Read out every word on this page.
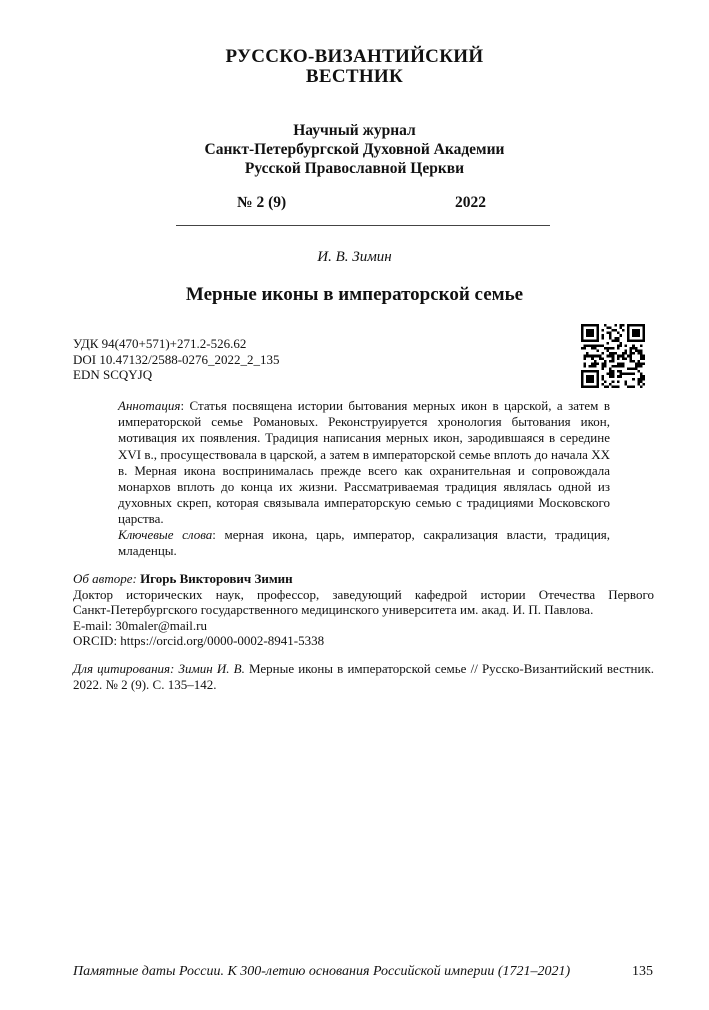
РУССКО-ВИЗАНТИЙСКИЙ
ВЕСТНИК
Научный журнал
Санкт-Петербургской Духовной Академии
Русской Православной Церкви
№ 2 (9)	2022
И. В. Зимин
Мерные иконы в императорской семье
УДК 94(470+571)+271.2-526.62
DOI 10.47132/2588-0276_2022_2_135
EDN SCQYJQ

Аннотация: Статья посвящена истории бытования мерных икон в царской, а затем в императорской семье Романовых. Реконструируется хронология бытования икон, мотивация их появления. Традиция написания мерных икон, зародившаяся в середине XVI в., просуществовала в царской, а затем в императорской семье вплоть до начала XX в. Мерная икона воспринималась прежде всего как охранительная и сопровождала монархов вплоть до конца их жизни. Рассматриваемая традиция являлась одной из духовных скреп, которая связывала императорскую семью с традициями Московского царства.

Ключевые слова: мерная икона, царь, император, сакрализация власти, традиция, младенцы.

Об авторе: Игорь Викторович Зимин
Доктор исторических наук, профессор, заведующий кафедрой истории Отечества Первого
Санкт-Петербургского государственного медицинского университета им. акад. И. П. Павлова.
E-mail: 30maler@mail.ru
ORCID: https://orcid.org/0000-0002-8941-5338

Для цитирования: Зимин И. В. Мерные иконы в императорской семье // Русско-Византийский вестник. 2022. № 2 (9). С. 135–142.

Памятные даты России. К 300-летию основания Российской империи (1721–2021)	135
